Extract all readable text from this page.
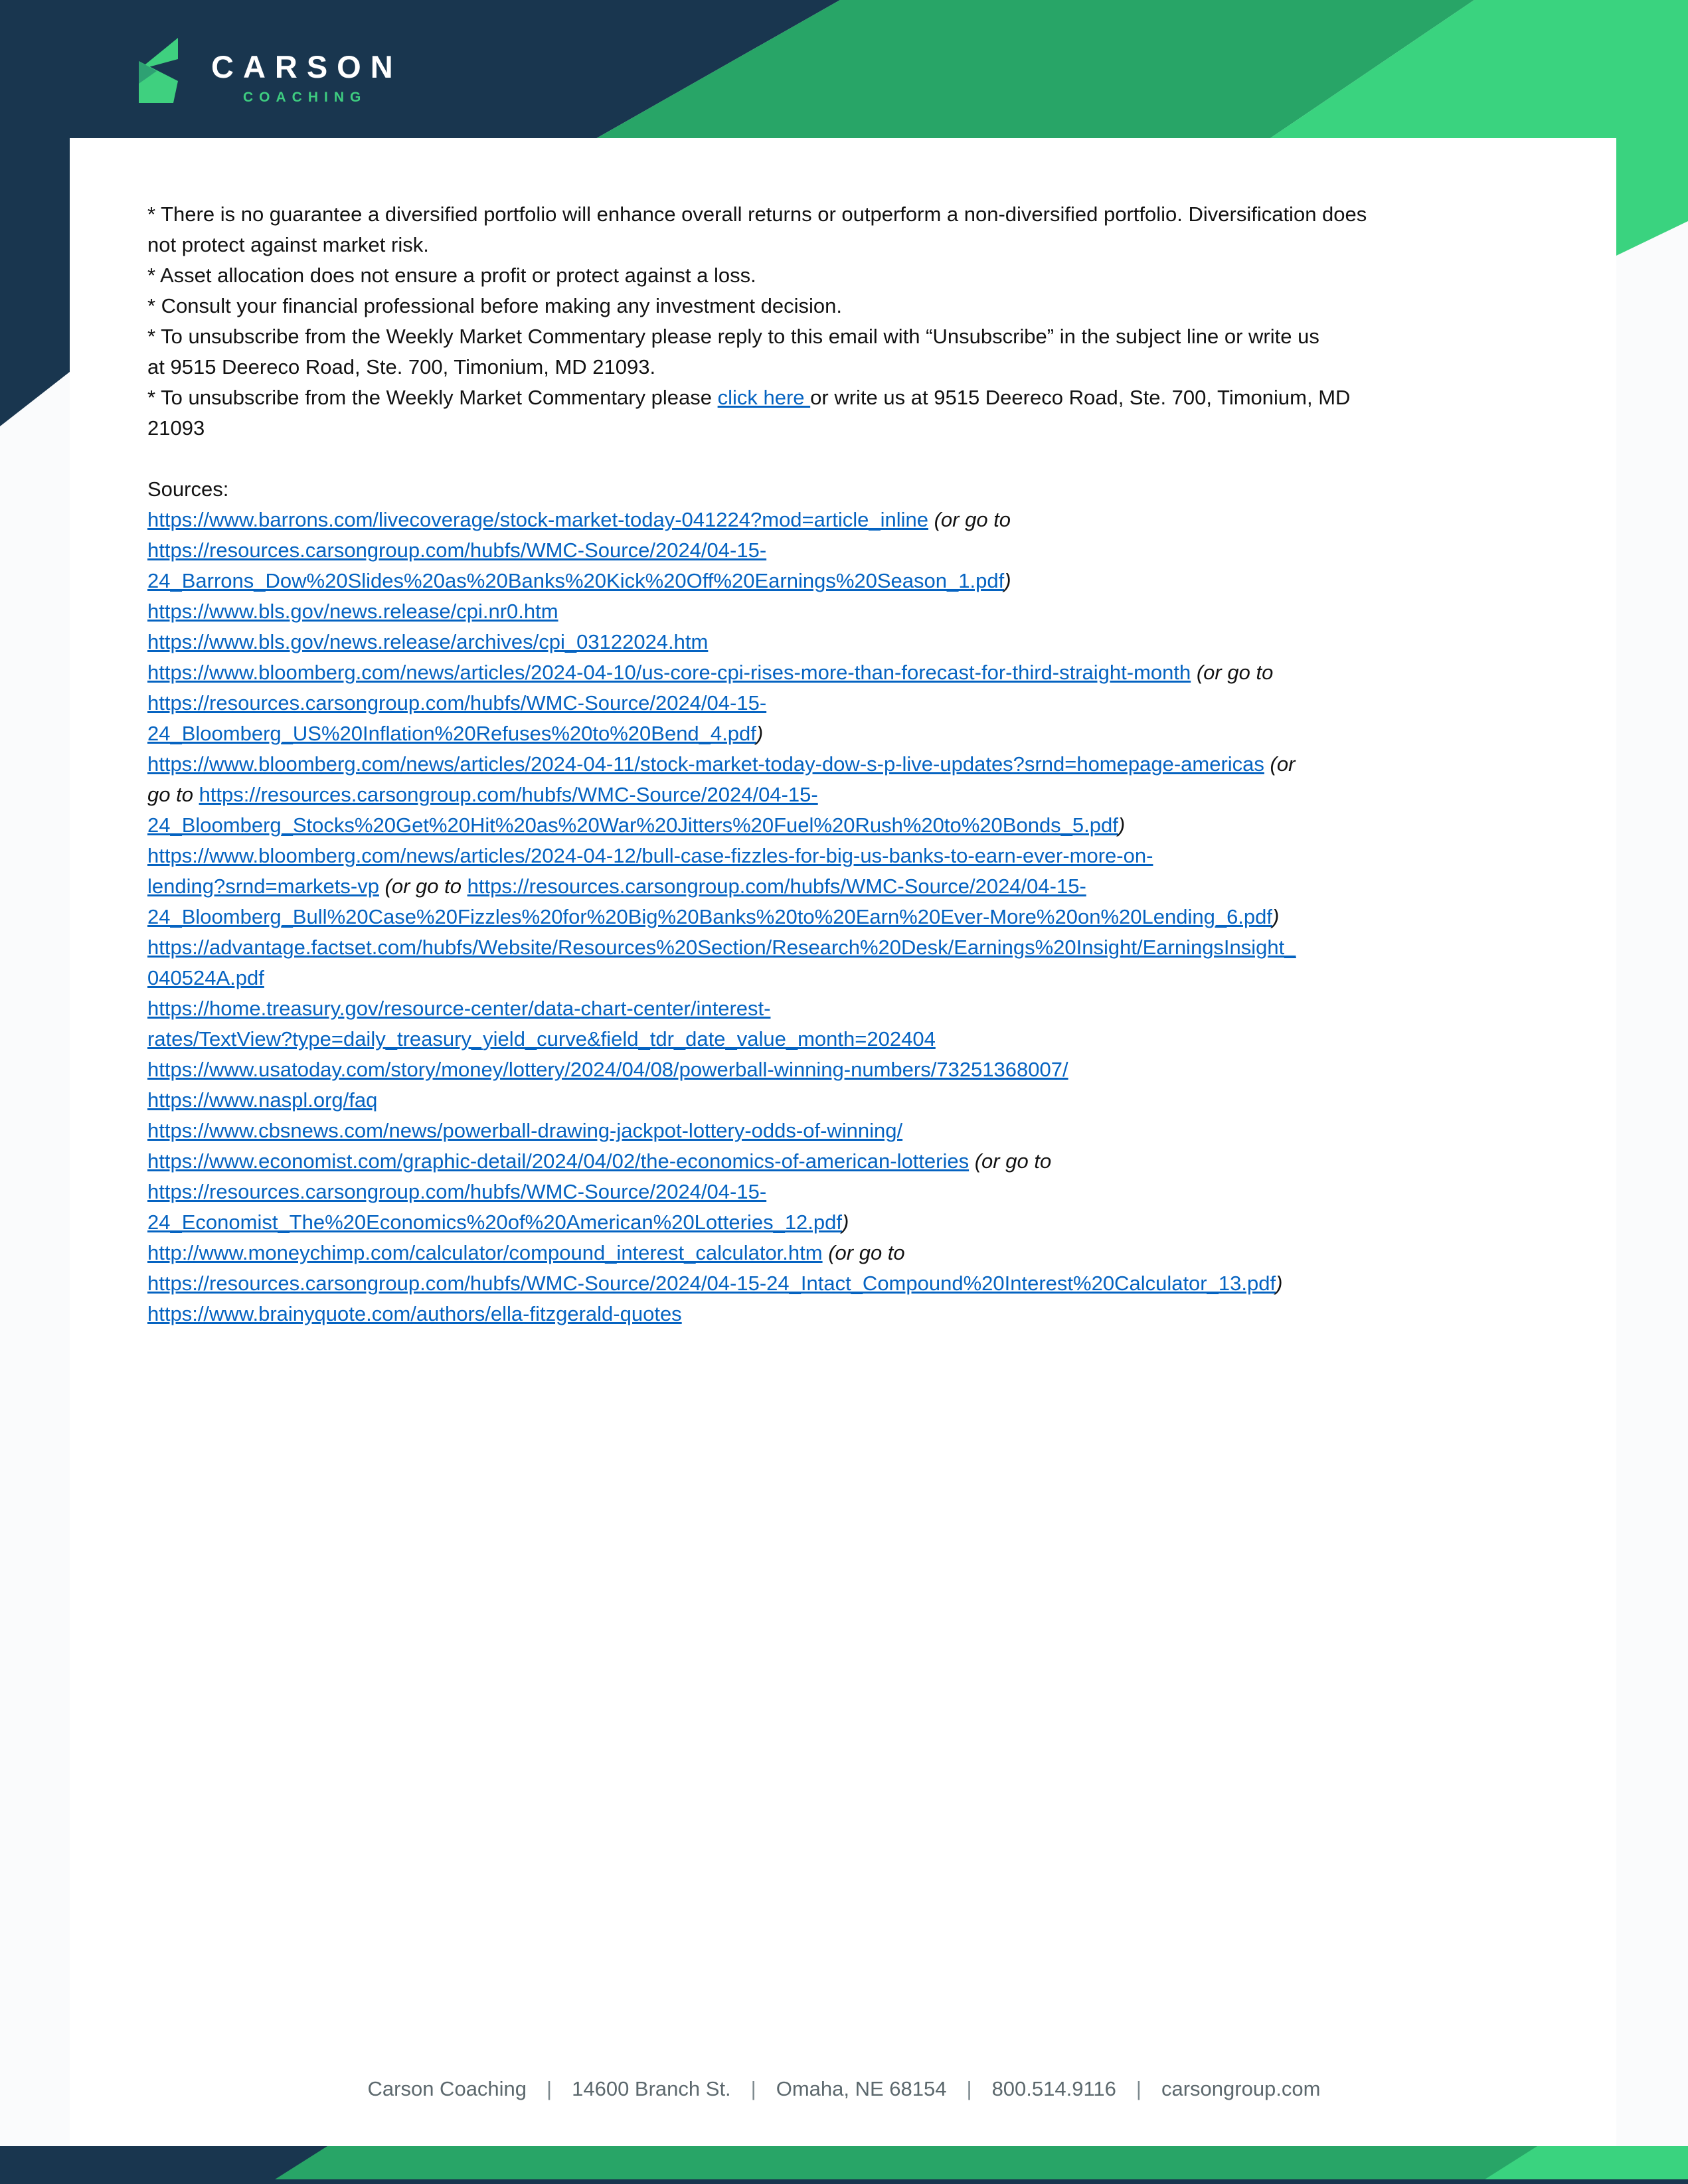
CARSON
COACHING
* There is no guarantee a diversified portfolio will enhance overall returns or outperform a non-diversified portfolio. Diversification does
not protect against market risk.
* Asset allocation does not ensure a profit or protect against a loss.
* Consult your financial professional before making any investment decision.
* To unsubscribe from the Weekly Market Commentary please reply to this email with “Unsubscribe” in the subject line or write us
at 9515 Deereco Road, Ste. 700, Timonium, MD 21093.
* To unsubscribe from the Weekly Market Commentary please click here or write us at 9515 Deereco Road, Ste. 700, Timonium, MD
21093
Sources:
https://www.barrons.com/livecoverage/stock-market-today-041224?mod=article_inline (or go to
https://resources.carsongroup.com/hubfs/WMC-Source/2024/04-15-
24_Barrons_Dow%20Slides%20as%20Banks%20Kick%20Off%20Earnings%20Season_1.pdf)
https://www.bls.gov/news.release/cpi.nr0.htm
https://www.bls.gov/news.release/archives/cpi_03122024.htm
https://www.bloomberg.com/news/articles/2024-04-10/us-core-cpi-rises-more-than-forecast-for-third-straight-month (or go to
https://resources.carsongroup.com/hubfs/WMC-Source/2024/04-15-
24_Bloomberg_US%20Inflation%20Refuses%20to%20Bend_4.pdf)
https://www.bloomberg.com/news/articles/2024-04-11/stock-market-today-dow-s-p-live-updates?srnd=homepage-americas (or
go to https://resources.carsongroup.com/hubfs/WMC-Source/2024/04-15-
24_Bloomberg_Stocks%20Get%20Hit%20as%20War%20Jitters%20Fuel%20Rush%20to%20Bonds_5.pdf)
https://www.bloomberg.com/news/articles/2024-04-12/bull-case-fizzles-for-big-us-banks-to-earn-ever-more-on-
lending?srnd=markets-vp (or go to https://resources.carsongroup.com/hubfs/WMC-Source/2024/04-15-
24_Bloomberg_Bull%20Case%20Fizzles%20for%20Big%20Banks%20to%20Earn%20Ever-More%20on%20Lending_6.pdf)
https://advantage.factset.com/hubfs/Website/Resources%20Section/Research%20Desk/Earnings%20Insight/EarningsInsight_
040524A.pdf
https://home.treasury.gov/resource-center/data-chart-center/interest-
rates/TextView?type=daily_treasury_yield_curve&field_tdr_date_value_month=202404
https://www.usatoday.com/story/money/lottery/2024/04/08/powerball-winning-numbers/73251368007/
https://www.naspl.org/faq
https://www.cbsnews.com/news/powerball-drawing-jackpot-lottery-odds-of-winning/
https://www.economist.com/graphic-detail/2024/04/02/the-economics-of-american-lotteries (or go to
https://resources.carsongroup.com/hubfs/WMC-Source/2024/04-15-
24_Economist_The%20Economics%20of%20American%20Lotteries_12.pdf)
http://www.moneychimp.com/calculator/compound_interest_calculator.htm (or go to
https://resources.carsongroup.com/hubfs/WMC-Source/2024/04-15-24_Intact_Compound%20Interest%20Calculator_13.pdf)
https://www.brainyquote.com/authors/ella-fitzgerald-quotes
Carson Coaching | 14600 Branch St. | Omaha, NE 68154 | 800.514.9116 | carsongroup.com
